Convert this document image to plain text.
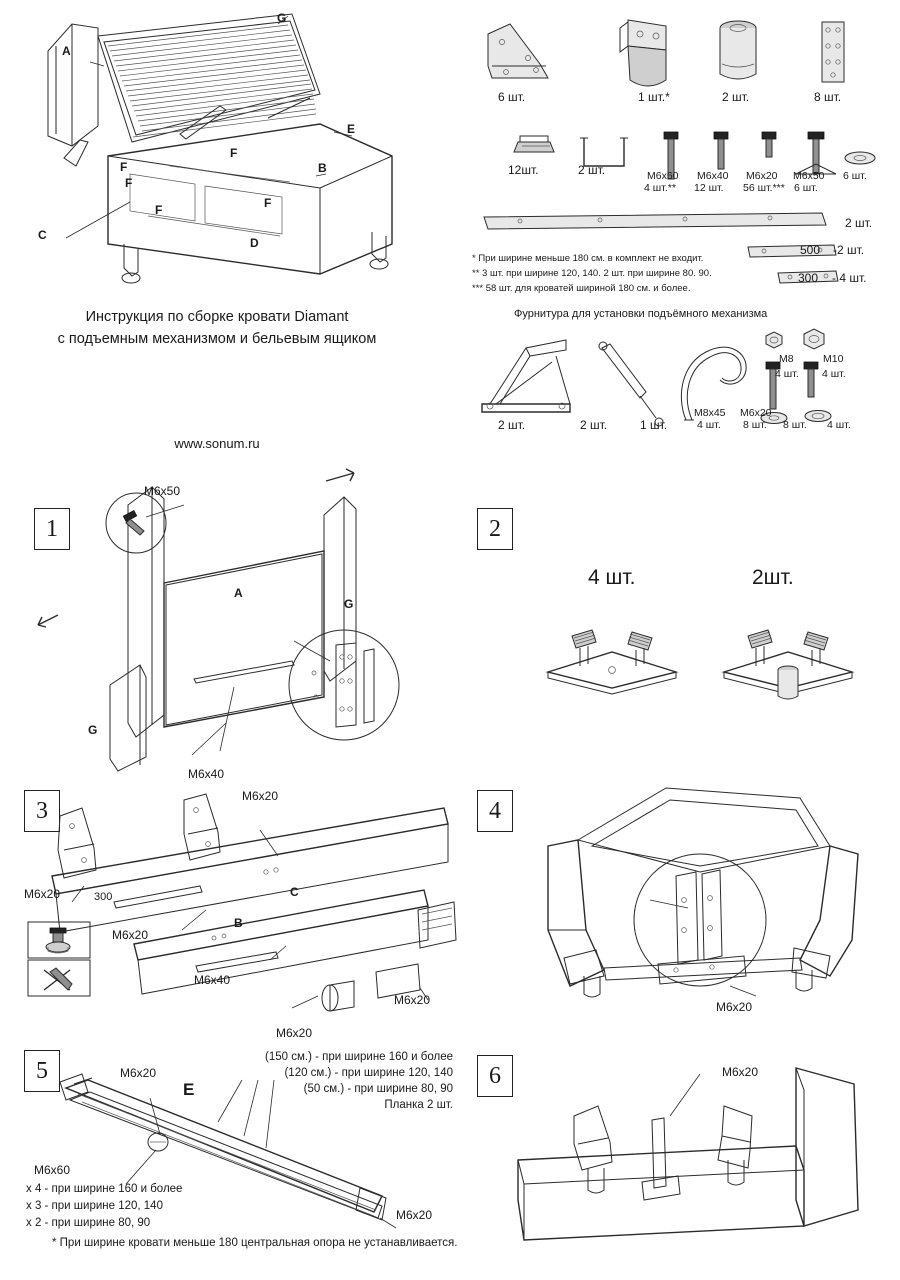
A
B
C
D
E
F
F
F
F
F
G
Инструкция по сборке кровати Diamant
с подъемным механизмом и бельевым ящиком
www.sonum.ru
6 шт.	1 шт.*	2 шт.	8 шт.
12шт.	2 шт.	M6x60
4 шт.**
M6x40
12 шт.
M6x20
56 шт.***
M6x50
6 шт.
6 шт.
2 шт.
500 -2 шт.
300 - 4 шт.
* При ширине меньше 180 см. в комплект не входит.
** 3 шт. при ширине 120, 140. 2 шт. при ширине 80. 90.
*** 58 шт. для кроватей шириной 180 см. и более.
Фурнитура для установки подъёмного механизма
2 шт.	2 шт.	1 шт.
M8x45
4 шт.
M6x20
8 шт.
M8
4 шт.
M10
4 шт.
8 шт. 4 шт.
1
M6x50
A
G
G
M6x40
M6x20
2
4 шт.	2шт.
3
M6x20	300
M6x20
C
B
M6x40
M6x20
M6x20
4
M6x20
5	M6x20
E
M6x20
(150 см.) - при ширине 160 и более
(120 см.) - при ширине 120, 140
(50 см.) - при ширине 80, 90
Планка 2 шт.
M6x60
x 4 - при ширине 160 и более
x 3 - при ширине 120, 140
x 2 - при ширине 80, 90
6	M6x20
* При ширине кровати меньше 180 центральная опора не устанавливается.
